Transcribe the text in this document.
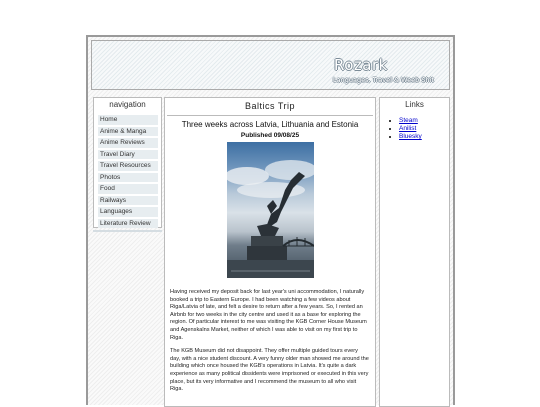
Rozark
Languages, Travel & Weeb Shit
navigation
Home
Anime & Manga
Anime Reviews
Travel Diary
Travel Resources
Photos
Food
Railways
Languages
Literature Review
Baltics Trip
Three weeks across Latvia, Lithuania and Estonia
Published 09/08/25
Having received my deposit back for last year's uni accommodation, I naturally booked a trip to Eastern Europe. I had been watching a few videos about Riga/Latvia of late, and felt a desire to return after a few years. So, I rented an Airbnb for two weeks in the city centre and used it as a base for exploring the region. Of particular interest to me was visiting the KGB Corner House Museum and Agenskalns Market, neither of which I was able to visit on my first trip to Riga.
The KGB Museum did not disappoint. They offer multiple guided tours every day, with a nice student discount. A very funny older man showed me around the building which once housed the KGB's operations in Latvia. It's quite a dark experience as many political dissidents were imprisoned or executed in this very place, but its very informative and I recommend the museum to all who visit Riga.
Links
• Steam
• Anilist
• Bluesky
